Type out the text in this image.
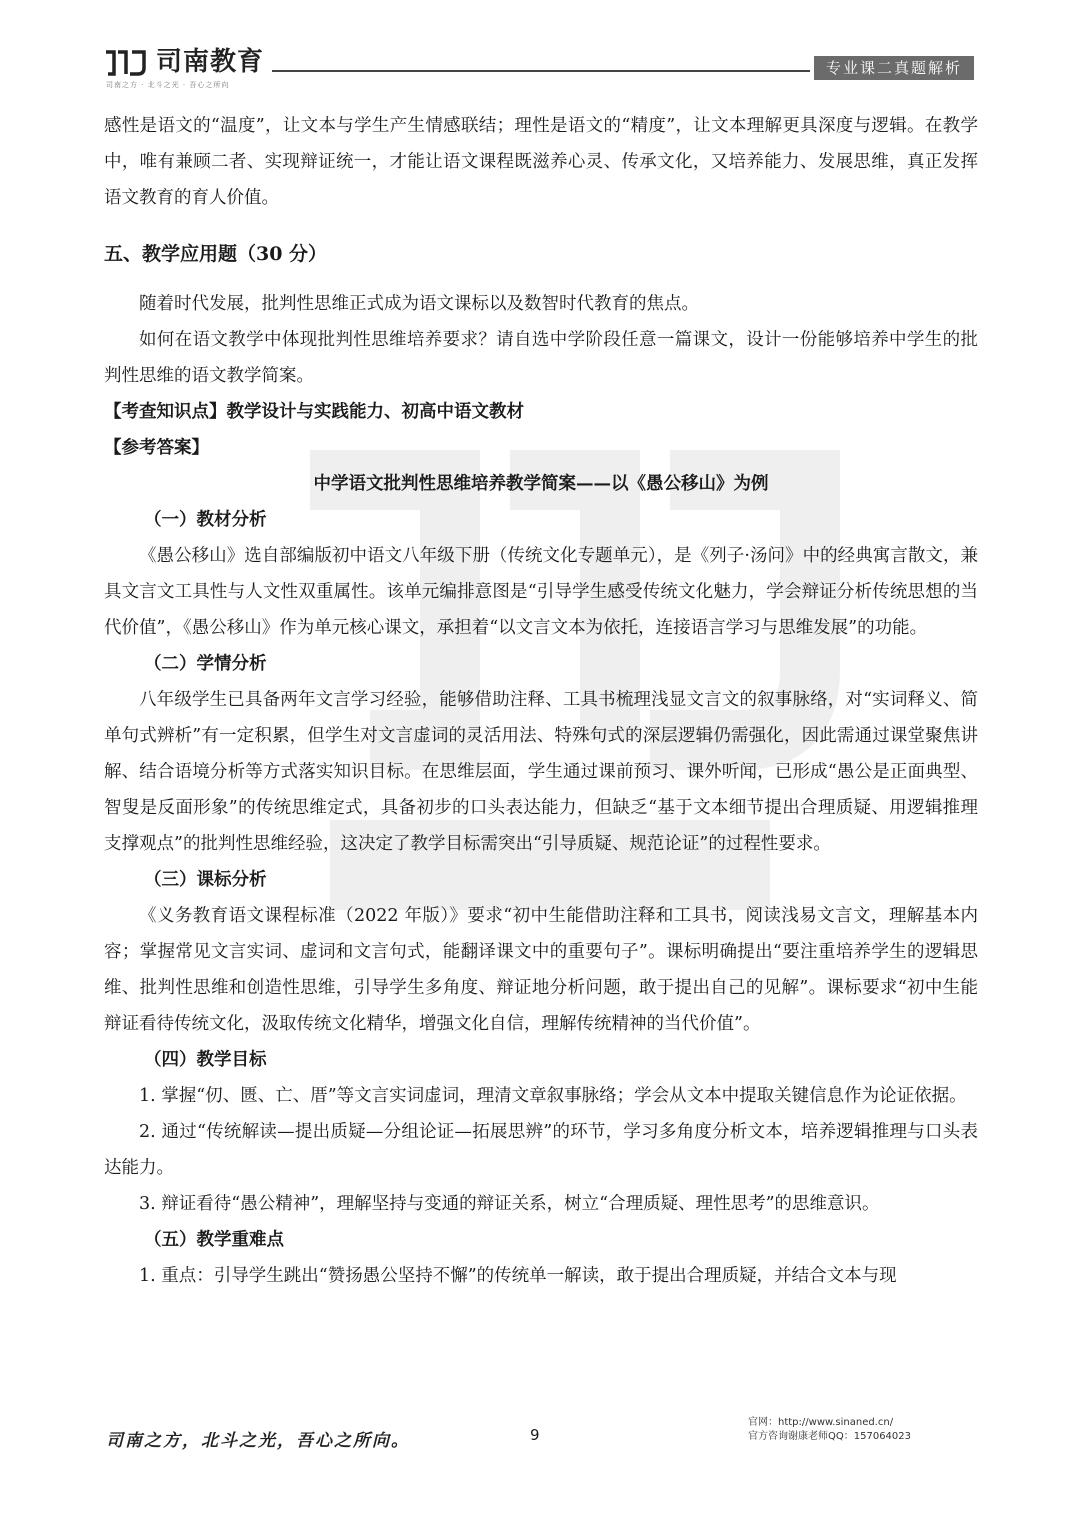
司南教育
司南之方 · 北斗之光 · 吾心之所向
专业课二真题解析

感性是语文的“温度”，让文本与学生产生情感联结；理性是语文的“精度”，让文本理解更具深度与逻辑。在教学中，唯有兼顾二者、实现辩证统一，才能让语文课程既滋养心灵、传承文化，又培养能力、发展思维，真正发挥语文教育的育人价值。

五、教学应用题（30 分）

随着时代发展，批判性思维正式成为语文课标以及数智时代教育的焦点。

如何在语文教学中体现批判性思维培养要求？请自选中学阶段任意一篇课文，设计一份能够培养中学生的批判性思维的语文教学简案。

【考查知识点】教学设计与实践能力、初高中语文教材

【参考答案】

中学语文批判性思维培养教学简案——以《愚公移山》为例

（一）教材分析

《愚公移山》选自部编版初中语文八年级下册（传统文化专题单元），是《列子·汤问》中的经典寓言散文，兼具文言文工具性与人文性双重属性。该单元编排意图是“引导学生感受传统文化魅力，学会辩证分析传统思想的当代价值”，《愚公移山》作为单元核心课文，承担着“以文言文本为依托，连接语言学习与思维发展”的功能。

（二）学情分析

八年级学生已具备两年文言学习经验，能够借助注释、工具书梳理浅显文言文的叙事脉络，对“实词释义、简单句式辨析”有一定积累，但学生对文言虚词的灵活用法、特殊句式的深层逻辑仍需强化，因此需通过课堂聚焦讲解、结合语境分析等方式落实知识目标。在思维层面，学生通过课前预习、课外听闻，已形成“愚公是正面典型、智叟是反面形象”的传统思维定式，具备初步的口头表达能力，但缺乏“基于文本细节提出合理质疑、用逻辑推理支撑观点”的批判性思维经验，这决定了教学目标需突出“引导质疑、规范论证”的过程性要求。

（三）课标分析

《义务教育语文课程标准（2022 年版）》要求“初中生能借助注释和工具书，阅读浅易文言文，理解基本内容；掌握常见文言实词、虚词和文言句式，能翻译课文中的重要句子”。课标明确提出“要注重培养学生的逻辑思维、批判性思维和创造性思维，引导学生多角度、辩证地分析问题，敢于提出自己的见解”。课标要求“初中生能辩证看待传统文化，汲取传统文化精华，增强文化自信，理解传统精神的当代价值”。

（四）教学目标

1. 掌握“仞、匮、亡、厝”等文言实词虚词，理清文章叙事脉络；学会从文本中提取关键信息作为论证依据。

2. 通过“传统解读—提出质疑—分组论证—拓展思辨”的环节，学习多角度分析文本，培养逻辑推理与口头表达能力。

3. 辩证看待“愚公精神”，理解坚持与变通的辩证关系，树立“合理质疑、理性思考”的思维意识。

（五）教学重难点

1. 重点：引导学生跳出“赞扬愚公坚持不懈”的传统单一解读，敢于提出合理质疑，并结合文本与现

司南之方，北斗之光，吾心之所向。	9
官网：http://www.sinaned.cn/
官方咨询谢康老师QQ：157064023
